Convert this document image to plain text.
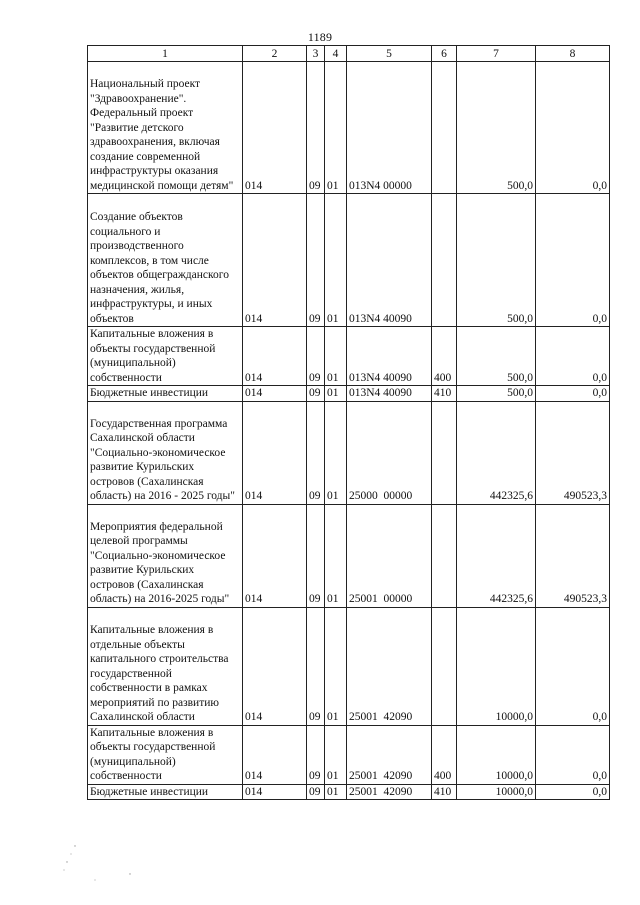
1189
1	2	3	4	5	6	7	8
Национальный проект "Здравоохранение". Федеральный проект "Развитие детского здравоохранения, включая создание современной инфраструктуры оказания медицинской помощи детям"	014	09	01	013N4 00000		500,0	0,0
Создание объектов социального и производственного комплексов, в том числе объектов общегражданского назначения, жилья, инфраструктуры, и иных объектов	014	09	01	013N4 40090		500,0	0,0
Капитальные вложения в объекты государственной (муниципальной) собственности	014	09	01	013N4 40090	400	500,0	0,0
Бюджетные инвестиции	014	09	01	013N4 40090	410	500,0	0,0
Государственная программа Сахалинской области "Социально-экономическое развитие Курильских островов (Сахалинская область) на 2016 - 2025 годы"	014	09	01	25000  00000		442325,6	490523,3
Мероприятия федеральной целевой программы "Социально-экономическое развитие Курильских островов (Сахалинская область) на 2016-2025 годы"	014	09	01	25001  00000		442325,6	490523,3
Капитальные вложения в отдельные объекты капитального строительства государственной собственности в рамках мероприятий по развитию Сахалинской области	014	09	01	25001  42090		10000,0	0,0
Капитальные вложения в объекты государственной (муниципальной) собственности	014	09	01	25001  42090	400	10000,0	0,0
Бюджетные инвестиции	014	09	01	25001  42090	410	10000,0	0,0
